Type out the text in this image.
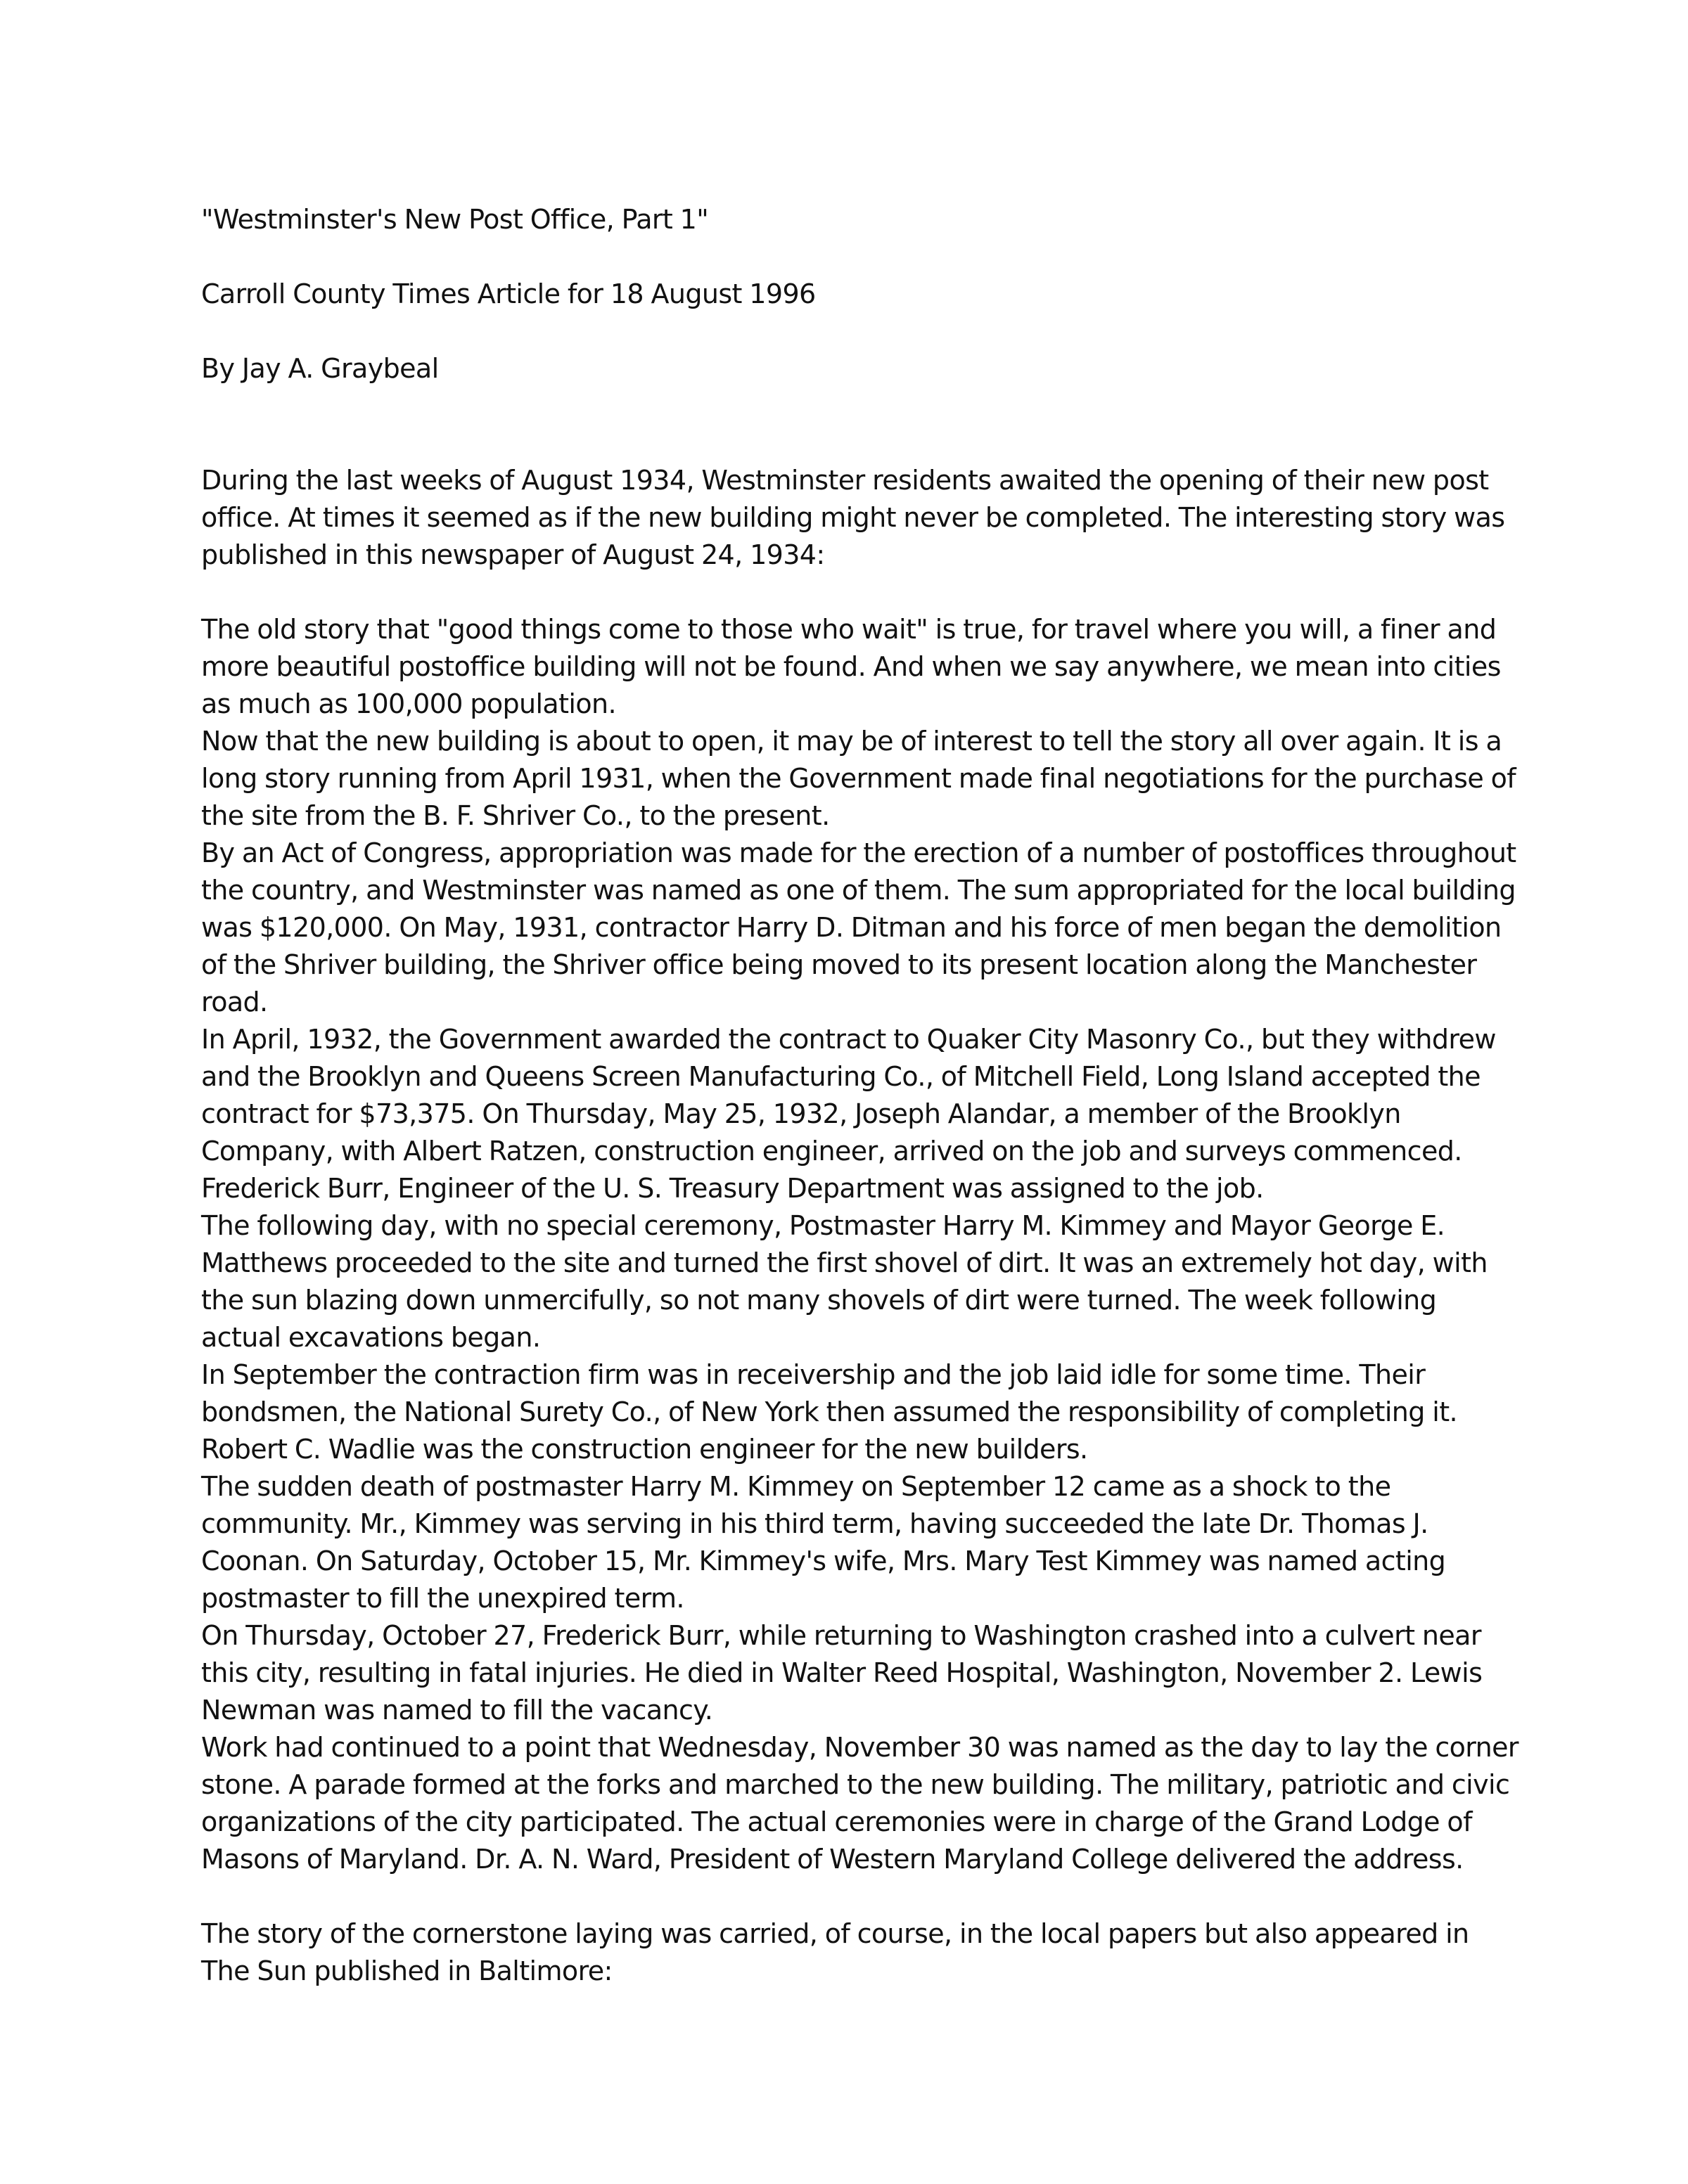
"Westminster's New Post Office, Part 1"

Carroll County Times Article for 18 August 1996

By Jay A. Graybeal

During the last weeks of August 1934, Westminster residents awaited the opening of their new post office. At times it seemed as if the new building might never be completed. The interesting story was published in this newspaper of August 24, 1934:

The old story that "good things come to those who wait" is true, for travel where you will, a finer and more beautiful postoffice building will not be found. And when we say anywhere, we mean into cities as much as 100,000 population.

Now that the new building is about to open, it may be of interest to tell the story all over again. It is a long story running from April 1931, when the Government made final negotiations for the purchase of the site from the B. F. Shriver Co., to the present.

By an Act of Congress, appropriation was made for the erection of a number of postoffices throughout the country, and Westminster was named as one of them. The sum appropriated for the local building was $120,000. On May, 1931, contractor Harry D. Ditman and his force of men began the demolition of the Shriver building, the Shriver office being moved to its present location along the Manchester road.

In April, 1932, the Government awarded the contract to Quaker City Masonry Co., but they withdrew and the Brooklyn and Queens Screen Manufacturing Co., of Mitchell Field, Long Island accepted the contract for $73,375. On Thursday, May 25, 1932, Joseph Alandar, a member of the Brooklyn Company, with Albert Ratzen, construction engineer, arrived on the job and surveys commenced. Frederick Burr, Engineer of the U. S. Treasury Department was assigned to the job.

The following day, with no special ceremony, Postmaster Harry M. Kimmey and Mayor George E. Matthews proceeded to the site and turned the first shovel of dirt. It was an extremely hot day, with the sun blazing down unmercifully, so not many shovels of dirt were turned. The week following actual excavations began.

In September the contraction firm was in receivership and the job laid idle for some time. Their bondsmen, the National Surety Co., of New York then assumed the responsibility of completing it. Robert C. Wadlie was the construction engineer for the new builders.

The sudden death of postmaster Harry M. Kimmey on September 12 came as a shock to the community. Mr., Kimmey was serving in his third term, having succeeded the late Dr. Thomas J. Coonan. On Saturday, October 15, Mr. Kimmey's wife, Mrs. Mary Test Kimmey was named acting postmaster to fill the unexpired term.

On Thursday, October 27, Frederick Burr, while returning to Washington crashed into a culvert near this city, resulting in fatal injuries. He died in Walter Reed Hospital, Washington, November 2. Lewis Newman was named to fill the vacancy.

Work had continued to a point that Wednesday, November 30 was named as the day to lay the corner stone. A parade formed at the forks and marched to the new building. The military, patriotic and civic organizations of the city participated. The actual ceremonies were in charge of the Grand Lodge of Masons of Maryland. Dr. A. N. Ward, President of Western Maryland College delivered the address.

The story of the cornerstone laying was carried, of course, in the local papers but also appeared in The Sun published in Baltimore:
